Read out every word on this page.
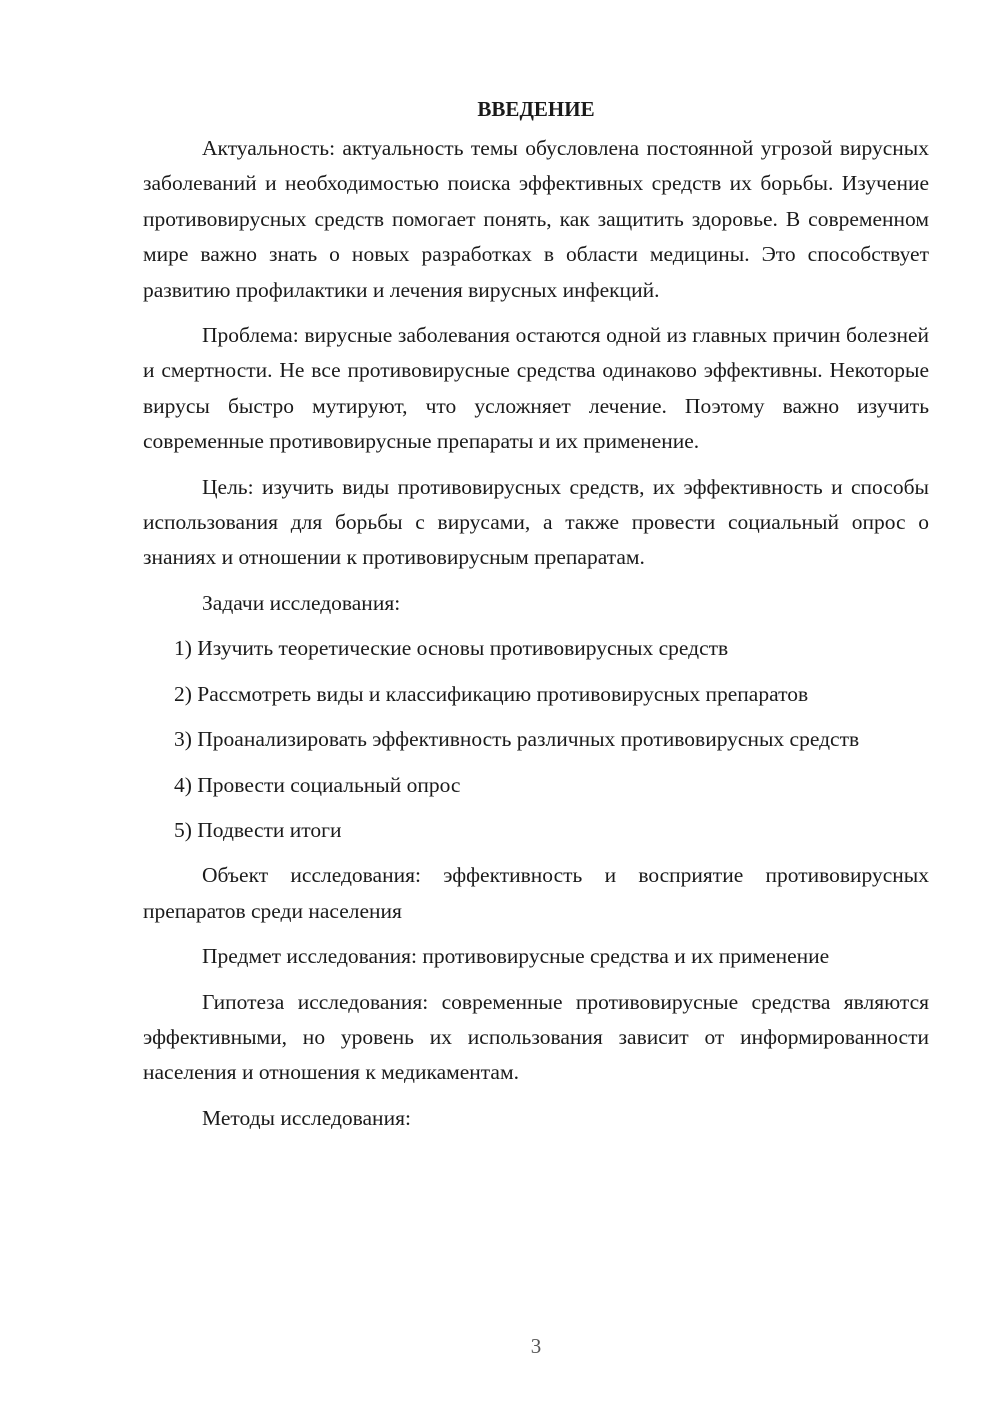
ВВЕДЕНИЕ

Актуальность: актуальность темы обусловлена постоянной угрозой вирусных заболеваний и необходимостью поиска эффективных средств их борьбы. Изучение противовирусных средств помогает понять, как защитить здоровье. В современном мире важно знать о новых разработках в области медицины. Это способствует развитию профилактики и лечения вирусных инфекций.

Проблема: вирусные заболевания остаются одной из главных причин болезней и смертности. Не все противовирусные средства одинаково эффективны. Некоторые вирусы быстро мутируют, что усложняет лечение. Поэтому важно изучить современные противовирусные препараты и их применение.

Цель: изучить виды противовирусных средств, их эффективность и способы использования для борьбы с вирусами, а также провести социальный опрос о знаниях и отношении к противовирусным препаратам.

Задачи исследования:

1) Изучить теоретические основы противовирусных средств

2) Рассмотреть виды и классификацию противовирусных препаратов

3) Проанализировать эффективность различных противовирусных средств

4) Провести социальный опрос

5) Подвести итоги

Объект исследования: эффективность и восприятие противовирусных препаратов среди населения

Предмет исследования: противовирусные средства и их применение

Гипотеза исследования: современные противовирусные средства являются эффективными, но уровень их использования зависит от информированности населения и отношения к медикаментам.

Методы исследования:

3
